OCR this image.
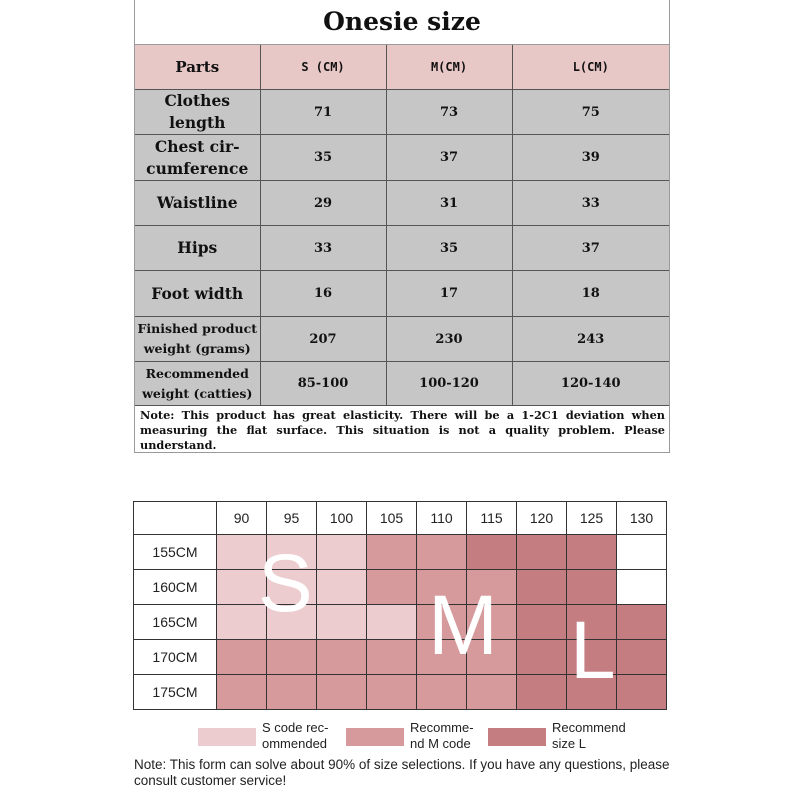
Onesie size
Parts	S (CM)	M(CM)	L(CM)
Clothes length	71	73	75
Chest cir-
cumference	35	37	39
Waistline	29	31	33
Hips	33	35	37
Foot width	16	17	18
Finished product
weight (grams)	207	230	243
Recommended
weight (catties)	85-100	100-120	120-140
Note: This product has great elasticity. There will be a 1-2C1 deviation when measuring the flat surface. This situation is not a quality problem. Please understand.
	90	95	100	105	110	115	120	125	130
155CM									
160CM									
165CM									
170CM									
175CM									
S M L
S code rec-
ommended
Recommе-
nd M code
Recommend
size L
Note: This form can solve about 90% of size selections. If you have any questions, please consult customer service!
